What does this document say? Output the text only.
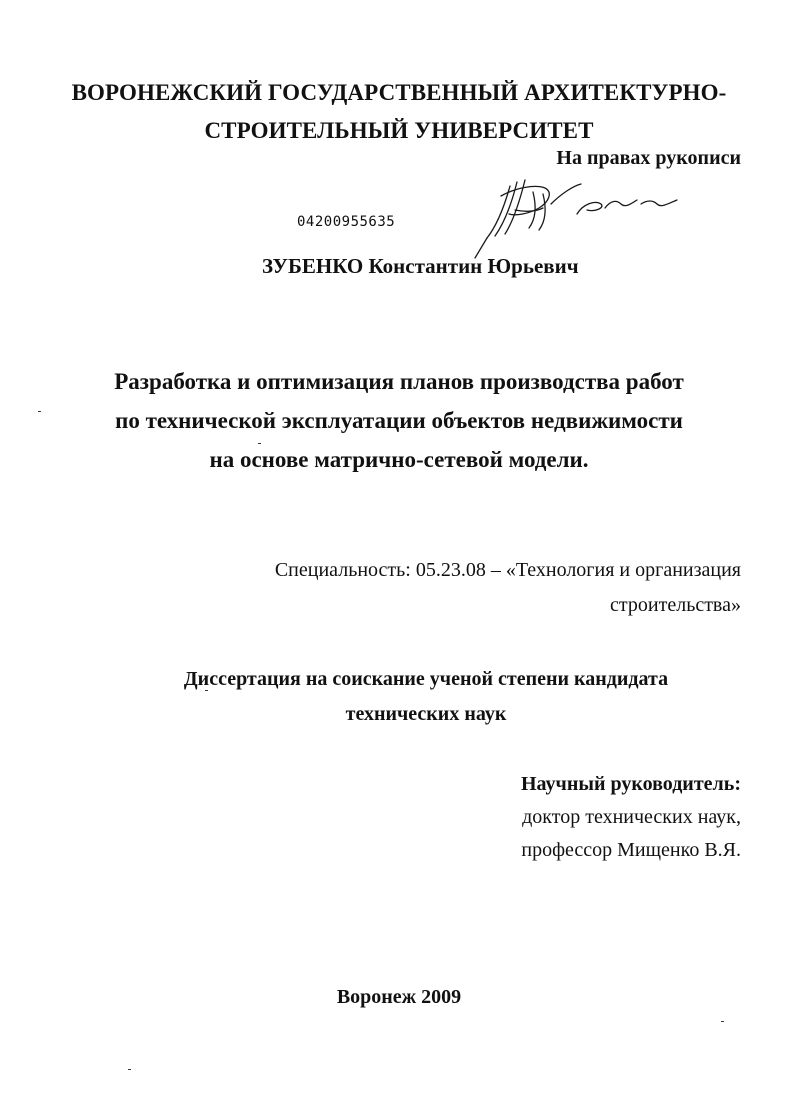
ВОРОНЕЖСКИЙ ГОСУДАРСТВЕННЫЙ АРХИТЕКТУРНО-
СТРОИТЕЛЬНЫЙ УНИВЕРСИТЕТ
На правах рукописи
04200955635
ЗУБЕНКО Константин Юрьевич
Разработка и оптимизация планов производства работ
по технической эксплуатации объектов недвижимости
на основе матрично-сетевой модели.
Специальность: 05.23.08 – «Технология и организация
строительства»
Диссертация на соискание ученой степени кандидата
технических наук
Научный руководитель:
доктор технических наук,
профессор Мищенко В.Я.
Воронеж 2009
